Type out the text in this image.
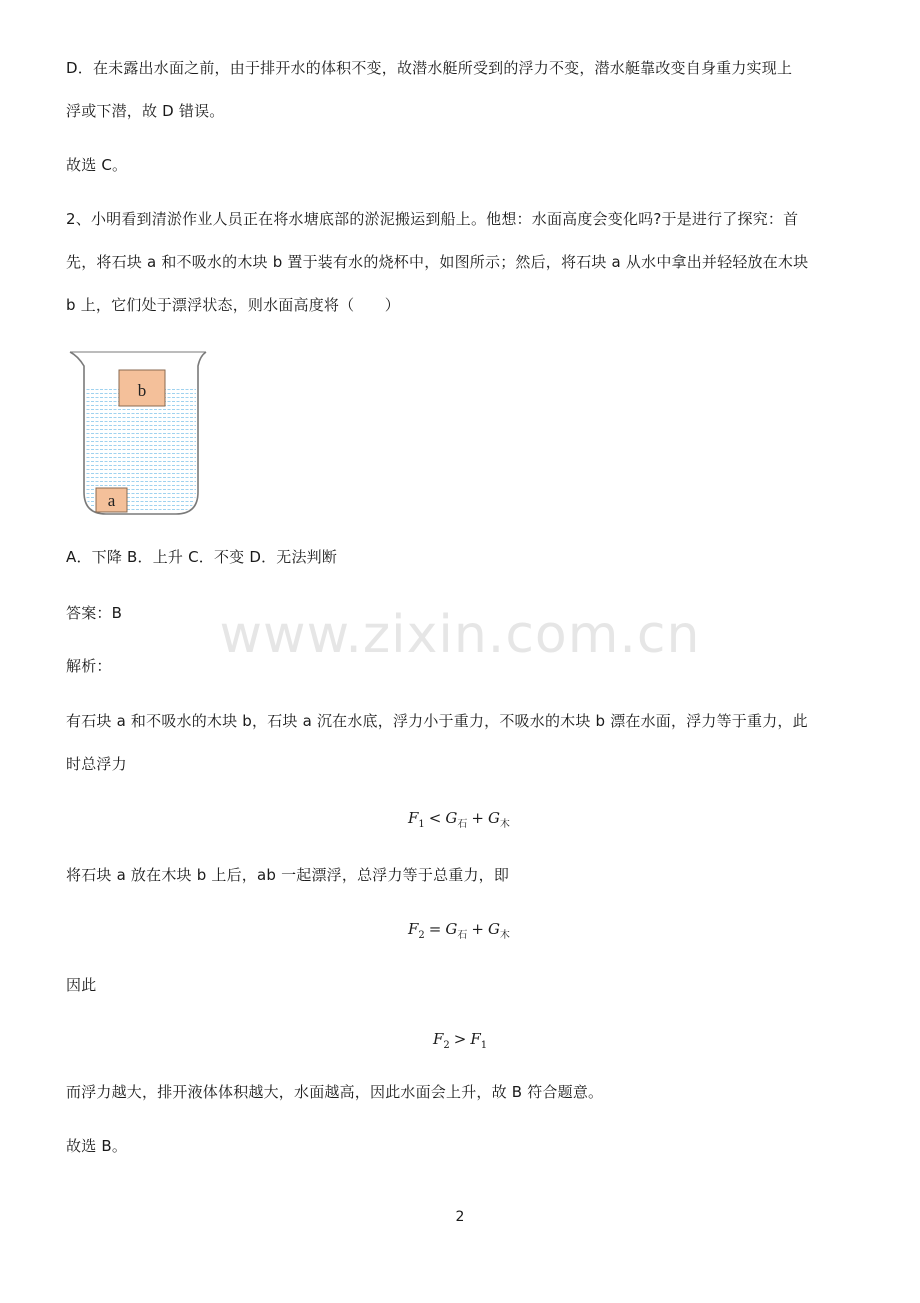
www.zixin.com.cn
D．在未露出水面之前，由于排开水的体积不变，故潜水艇所受到的浮力不变，潜水艇靠改变自身重力实现上
浮或下潜，故 D 错误。
故选 C。
2、小明看到清淤作业人员正在将水塘底部的淤泥搬运到船上。他想：水面高度会变化吗?于是进行了探究：首
先，将石块 a 和不吸水的木块 b 置于装有水的烧杯中，如图所示；然后，将石块 a 从水中拿出并轻轻放在木块
b 上，它们处于漂浮状态，则水面高度将（　　）
b
a
A．下降 B．上升 C．不变 D．无法判断
答案：B
解析：
有石块 a 和不吸水的木块 b，石块 a 沉在水底，浮力小于重力，不吸水的木块 b 漂在水面，浮力等于重力，此
时总浮力
$F_1 < G_石 + G_木$
将石块 a 放在木块 b 上后，ab 一起漂浮，总浮力等于总重力，即
$F_2 = G_石 + G_木$
因此
$F_2 > F_1$
而浮力越大，排开液体体积越大，水面越高，因此水面会上升，故 B 符合题意。
故选 B。
2
